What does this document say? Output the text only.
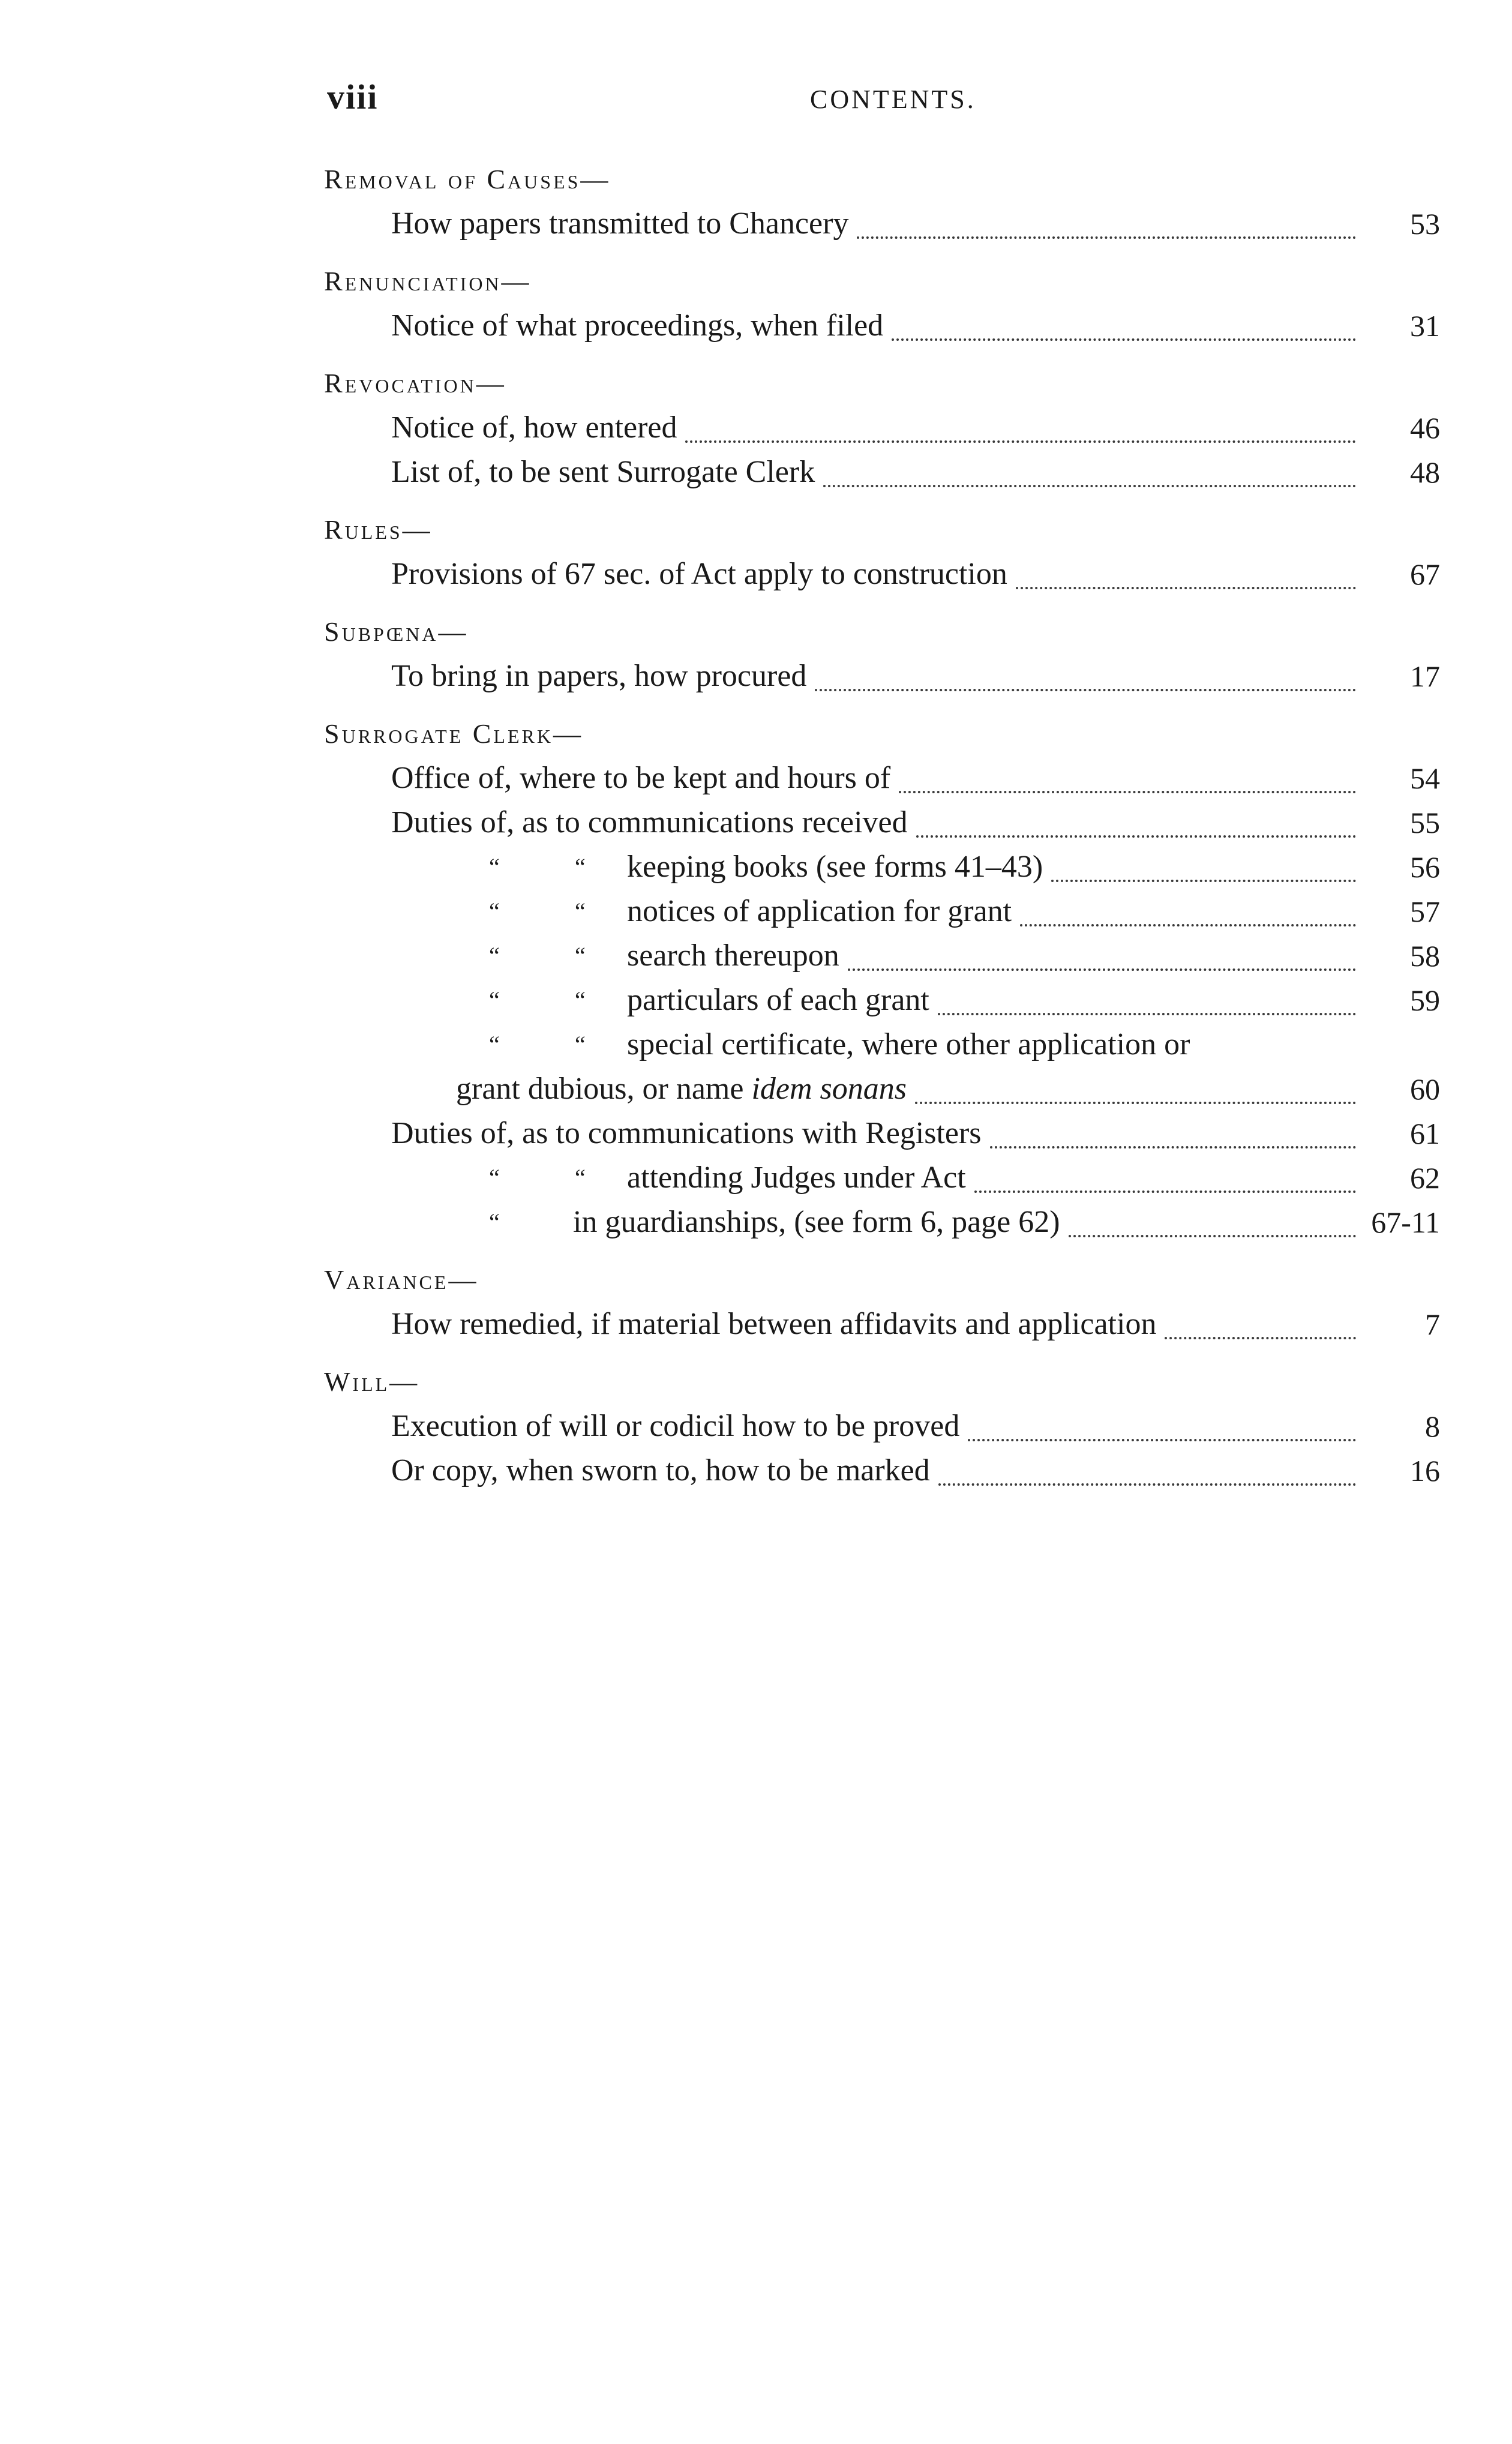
viii	CONTENTS.
Removal of Causes—
How papers transmitted to Chancery	53
Renunciation—
Notice of what proceedings, when filed	31
Revocation—
Notice of, how entered	46
List of, to be sent Surrogate Clerk	48
Rules—
Provisions of 67 sec. of Act apply to construction	67
Subpœna—
To bring in papers, how procured	17
Surrogate Clerk—
Office of, where to be kept and hours of	54
Duties of, as to communications received	55
“	“ keeping books (see forms 41–43)	56
“	“ notices of application for grant	57
“	“ search thereupon	58
“	“ particulars of each grant	59
“	“ special certificate, where other application or
grant dubious, or name idem sonans	60
Duties of, as to communications with Registers	61
“	“ attending Judges under Act	62
“ in guardianships, (see form 6, page 62)	67-11
Variance—
How remedied, if material between affidavits and application	7
Will—
Execution of will or codicil how to be proved	8
Or copy, when sworn to, how to be marked	16
